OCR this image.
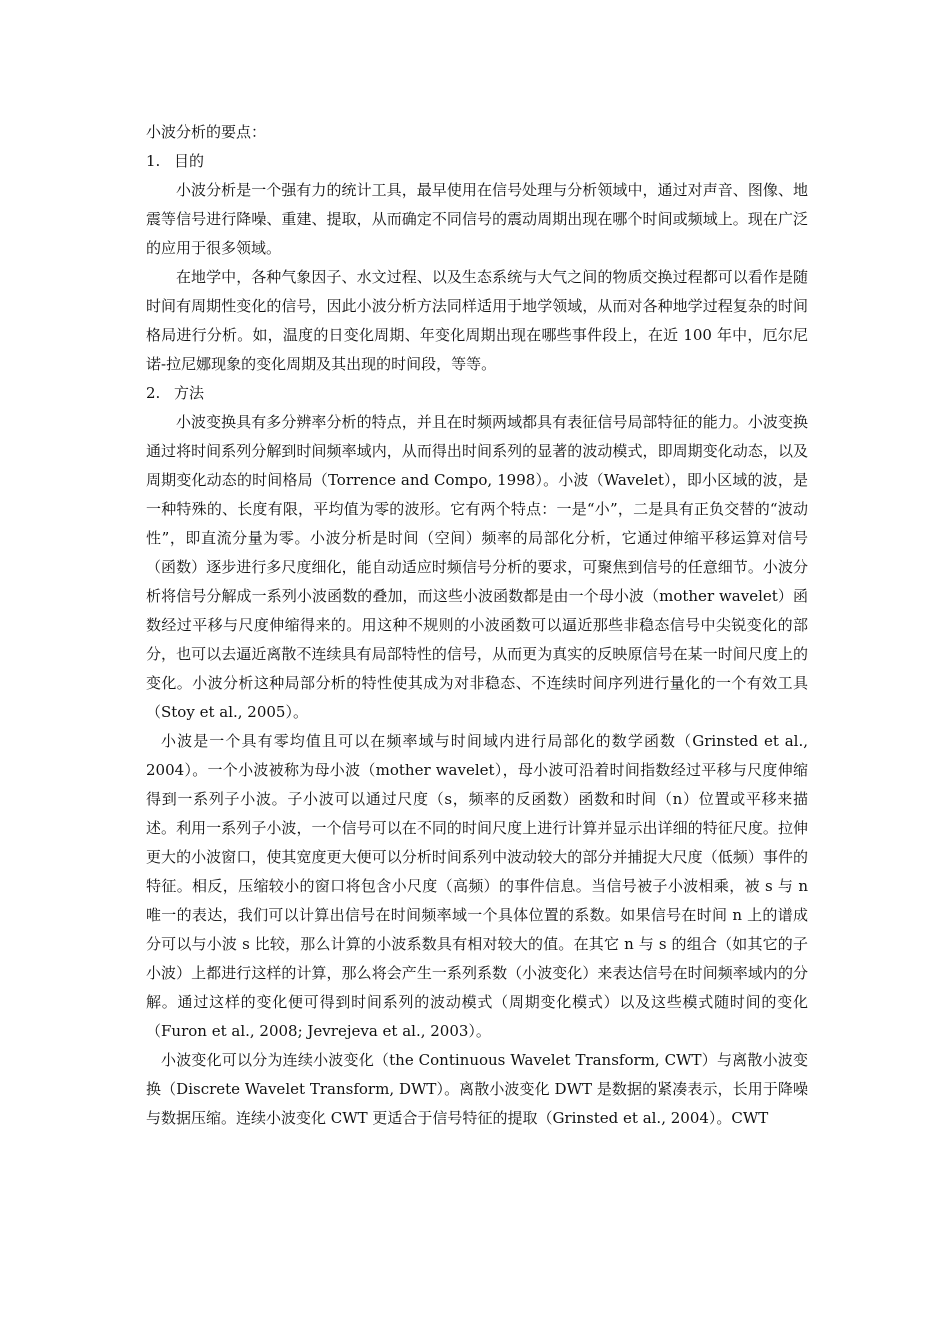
小波分析的要点：

1. 目的

小波分析是一个强有力的统计工具，最早使用在信号处理与分析领域中，通过对声音、图像、地震等信号进行降噪、重建、提取，从而确定不同信号的震动周期出现在哪个时间或频域上。现在广泛的应用于很多领域。

在地学中，各种气象因子、水文过程、以及生态系统与大气之间的物质交换过程都可以看作是随时间有周期性变化的信号，因此小波分析方法同样适用于地学领域，从而对各种地学过程复杂的时间格局进行分析。如，温度的日变化周期、年变化周期出现在哪些事件段上，在近 100 年中，厄尔尼诺-拉尼娜现象的变化周期及其出现的时间段，等等。

2. 方法

小波变换具有多分辨率分析的特点，并且在时频两域都具有表征信号局部特征的能力。小波变换通过将时间系列分解到时间频率域内，从而得出时间系列的显著的波动模式，即周期变化动态，以及周期变化动态的时间格局（Torrence and Compo, 1998）。小波（Wavelet），即小区域的波，是一种特殊的、长度有限，平均值为零的波形。它有两个特点：一是“小”，二是具有正负交替的“波动性”，即直流分量为零。小波分析是时间（空间）频率的局部化分析，它通过伸缩平移运算对信号（函数）逐步进行多尺度细化，能自动适应时频信号分析的要求，可聚焦到信号的任意细节。小波分析将信号分解成一系列小波函数的叠加，而这些小波函数都是由一个母小波（mother wavelet）函数经过平移与尺度伸缩得来的。用这种不规则的小波函数可以逼近那些非稳态信号中尖锐变化的部分，也可以去逼近离散不连续具有局部特性的信号，从而更为真实的反映原信号在某一时间尺度上的变化。小波分析这种局部分析的特性使其成为对非稳态、不连续时间序列进行量化的一个有效工具（Stoy et al., 2005）。

小波是一个具有零均值且可以在频率域与时间域内进行局部化的数学函数（Grinsted et al., 2004）。一个小波被称为母小波（mother wavelet），母小波可沿着时间指数经过平移与尺度伸缩得到一系列子小波。子小波可以通过尺度（s，频率的反函数）函数和时间（n）位置或平移来描述。利用一系列子小波，一个信号可以在不同的时间尺度上进行计算并显示出详细的特征尺度。拉伸更大的小波窗口，使其宽度更大便可以分析时间系列中波动较大的部分并捕捉大尺度（低频）事件的特征。相反，压缩较小的窗口将包含小尺度（高频）的事件信息。当信号被子小波相乘，被 s 与 n 唯一的表达，我们可以计算出信号在时间频率域一个具体位置的系数。如果信号在时间 n 上的谱成分可以与小波 s 比较，那么计算的小波系数具有相对较大的值。在其它 n 与 s 的组合（如其它的子小波）上都进行这样的计算，那么将会产生一系列系数（小波变化）来表达信号在时间频率域内的分解。通过这样的变化便可得到时间系列的波动模式（周期变化模式）以及这些模式随时间的变化（Furon et al., 2008; Jevrejeva et al., 2003）。

小波变化可以分为连续小波变化（the Continuous Wavelet Transform, CWT）与离散小波变换（Discrete Wavelet Transform, DWT）。离散小波变化 DWT 是数据的紧凑表示，长用于降噪与数据压缩。连续小波变化 CWT 更适合于信号特征的提取（Grinsted et al., 2004）。CWT
